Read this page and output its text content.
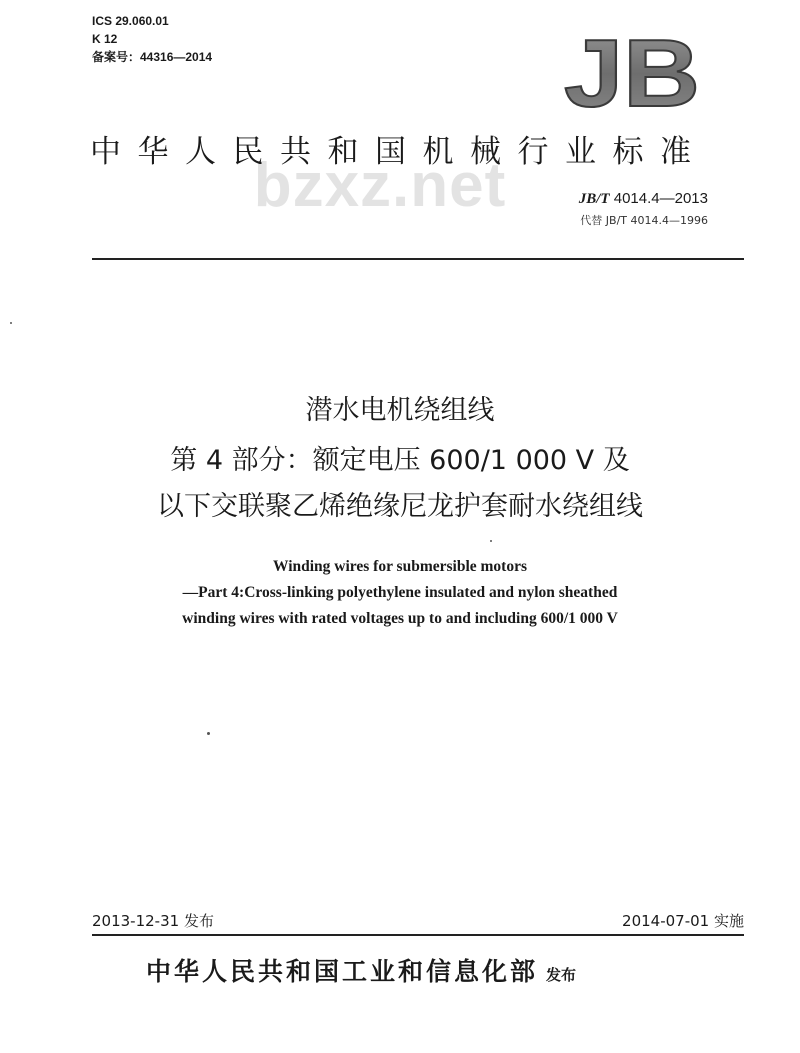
ICS 29.060.01
K 12
备案号：44316—2014	JB
bzxz.net
中华人民共和国机械行业标准
JB/T 4014.4—2013
代替 JB/T 4014.4—1996
潜水电机绕组线
第 4 部分：额定电压 600/1 000 V 及
以下交联聚乙烯绝缘尼龙护套耐水绕组线
Winding wires for submersible motors
—Part 4:Cross-linking polyethylene insulated and nylon sheathed
winding wires with rated voltages up to and including 600/1 000 V
2013-12-31 发布	2014-07-01 实施
中华人民共和国工业和信息化部 发布
